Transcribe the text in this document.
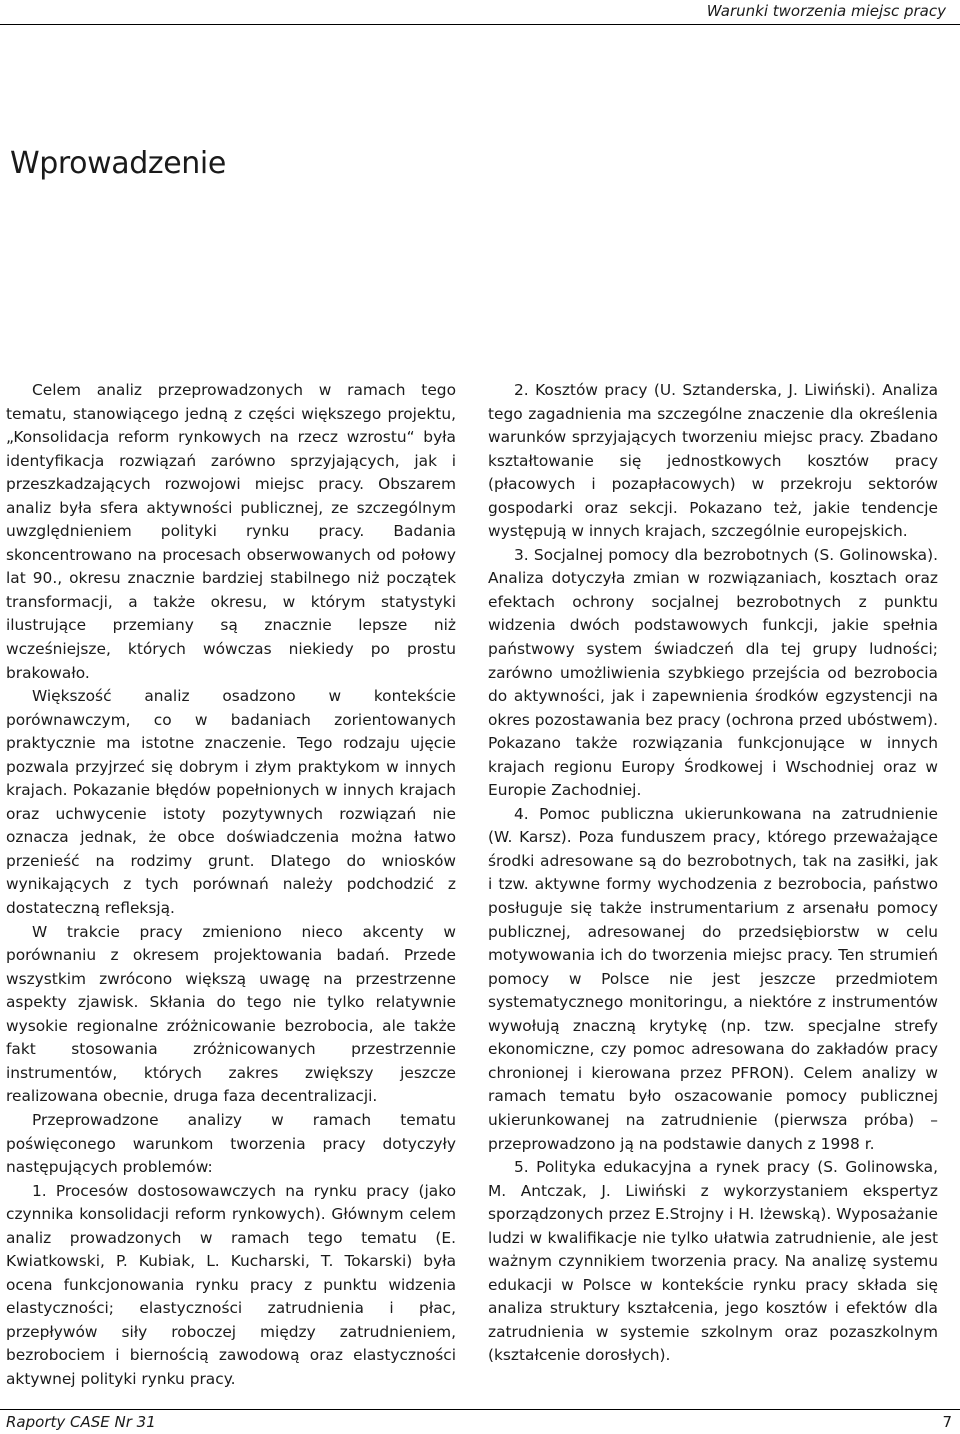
Warunki tworzenia miejsc pracy
Wprowadzenie

Celem analiz przeprowadzonych w ramach tego tematu, stanowiącego jedną z części większego projektu, „Konsolidacja reform rynkowych na rzecz wzrostu“ była identyfikacja rozwiązań zarówno sprzyjających, jak i przeszkadzających rozwojowi miejsc pracy. Obszarem analiz była sfera aktywności publicznej, ze szczególnym uwzględnieniem polityki rynku pracy. Badania skoncentrowano na procesach obserwowanych od połowy lat 90., okresu znacznie bardziej stabilnego niż początek transformacji, a także okresu, w którym statystyki ilustrujące przemiany są znacznie lepsze niż wcześniejsze, których wówczas niekiedy po prostu brakowało.

Większość analiz osadzono w kontekście porównawczym, co w badaniach zorientowanych praktycznie ma istotne znaczenie. Tego rodzaju ujęcie pozwala przyjrzeć się dobrym i złym praktykom w innych krajach. Pokazanie błędów popełnionych w innych krajach oraz uchwycenie istoty pozytywnych rozwiązań nie oznacza jednak, że obce doświadczenia można łatwo przenieść na rodzimy grunt. Dlatego do wniosków wynikających z tych porównań należy podchodzić z dostateczną refleksją.

W trakcie pracy zmieniono nieco akcenty w porównaniu z okresem projektowania badań. Przede wszystkim zwrócono większą uwagę na przestrzenne aspekty zjawisk. Skłania do tego nie tylko relatywnie wysokie regionalne zróżnicowanie bezrobocia, ale także fakt stosowania zróżnicowanych przestrzennie instrumentów, których zakres zwiększy jeszcze realizowana obecnie, druga faza decentralizacji.

Przeprowadzone analizy w ramach tematu poświęconego warunkom tworzenia pracy dotyczyły następujących problemów:

1. Procesów dostosowawczych na rynku pracy (jako czynnika konsolidacji reform rynkowych). Głównym celem analiz prowadzonych w ramach tego tematu (E. Kwiatkowski, P. Kubiak, L. Kucharski, T. Tokarski) była ocena funkcjonowania rynku pracy z punktu widzenia elastyczności; elastyczności zatrudnienia i płac, przepływów siły roboczej między zatrudnieniem, bezrobociem i biernością zawodową oraz elastyczności aktywnej polityki rynku pracy.

2. Kosztów pracy (U. Sztanderska, J. Liwiński). Analiza tego zagadnienia ma szczególne znaczenie dla określenia warunków sprzyjających tworzeniu miejsc pracy. Zbadano kształtowanie się jednostkowych kosztów pracy (płacowych i pozapłacowych) w przekroju sektorów gospodarki oraz sekcji. Pokazano też, jakie tendencje występują w innych krajach, szczególnie europejskich.

3. Socjalnej pomocy dla bezrobotnych (S. Golinowska). Analiza dotyczyła zmian w rozwiązaniach, kosztach oraz efektach ochrony socjalnej bezrobotnych z punktu widzenia dwóch podstawowych funkcji, jakie spełnia państwowy system świadczeń dla tej grupy ludności; zarówno umożliwienia szybkiego przejścia od bezrobocia do aktywności, jak i zapewnienia środków egzystencji na okres pozostawania bez pracy (ochrona przed ubóstwem). Pokazano także rozwiązania funkcjonujące w innych krajach regionu Europy Środkowej i Wschodniej oraz w Europie Zachodniej.

4. Pomoc publiczna ukierunkowana na zatrudnienie (W. Karsz). Poza funduszem pracy, którego przeważające środki adresowane są do bezrobotnych, tak na zasiłki, jak i tzw. aktywne formy wychodzenia z bezrobocia, państwo posługuje się także instrumentarium z arsenału pomocy publicznej, adresowanej do przedsiębiorstw w celu motywowania ich do tworzenia miejsc pracy. Ten strumień pomocy w Polsce nie jest jeszcze przedmiotem systematycznego monitoringu, a niektóre z instrumentów wywołują znaczną krytykę (np. tzw. specjalne strefy ekonomiczne, czy pomoc adresowana do zakładów pracy chronionej i kierowana przez PFRON). Celem analizy w ramach tematu było oszacowanie pomocy publicznej ukierunkowanej na zatrudnienie (pierwsza próba) – przeprowadzono ją na podstawie danych z 1998 r.

5. Polityka edukacyjna a rynek pracy (S. Golinowska, M. Antczak, J. Liwiński z wykorzystaniem ekspertyz sporządzonych przez E.Strojny i H. Iżewską). Wyposażanie ludzi w kwalifikacje nie tylko ułatwia zatrudnienie, ale jest ważnym czynnikiem tworzenia pracy. Na analizę systemu edukacji w Polsce w kontekście rynku pracy składa się analiza struktury kształcenia, jego kosztów i efektów dla zatrudnienia w systemie szkolnym oraz pozaszkolnym (kształcenie dorosłych).

Raporty CASE Nr 31	7
